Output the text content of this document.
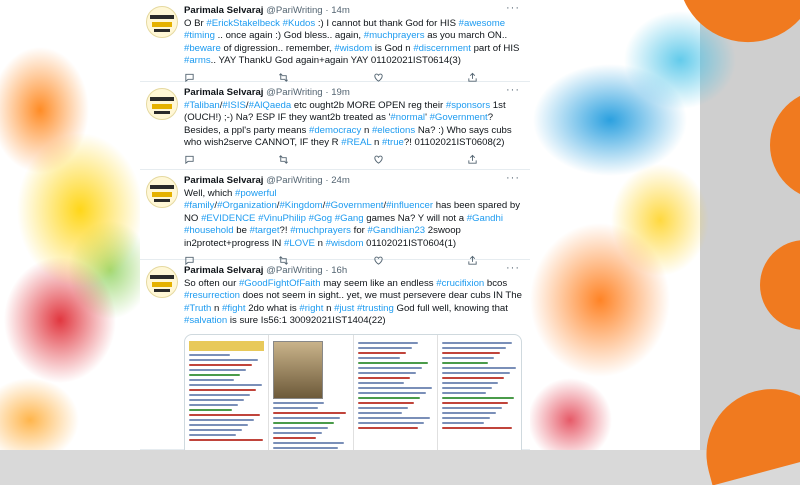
Parimala Selvaraj @PariWriting · 14m	···
O Br #ErickStakelbeck #Kudos :) I cannot but thank God for HIS #awesome #timing .. once again :) God bless.. again, #muchprayers as you march ON.. #beware of digression.. remember, #wisdom is God n #discernment part of HIS #arms.. YAY ThankU God again+again YAY 01102021IST0614(3)
Parimala Selvaraj @PariWriting · 19m	···
#Taliban/#ISIS/#AlQaeda etc ought2b MORE OPEN reg their #sponsors 1st (OUCH!) ;-) Na? ESP IF they want2b treated as '#normal' #Government? Besides, a ppl's party means #democracy n #elections Na? :) Who says cubs who wish2serve CANNOT, IF they R #REAL n #true?! 01102021IST0608(2)
Parimala Selvaraj @PariWriting · 24m	···
Well, which #powerful #family/#Organization/#Kingdom/#Government/#influencer has been spared by NO #EVIDENCE #VinuPhilip #Gog #Gang games Na? Y will not a #Gandhi #household be #target?! #muchprayers for #Gandhian23 2swoop in2protect+progress IN #LOVE n #wisdom 01102021IST0604(1)
Parimala Selvaraj @PariWriting · 16h	···
So often our #GoodFightOfFaith may seem like an endless #crucifixion bcos #resurrection does not seem in sight.. yet, we must persevere dear cubs IN The #Truth n #fight 2do what is #right n #just #trusting God full well, knowing that #salvation is sure Is56:1 30092021IST1404(22)
